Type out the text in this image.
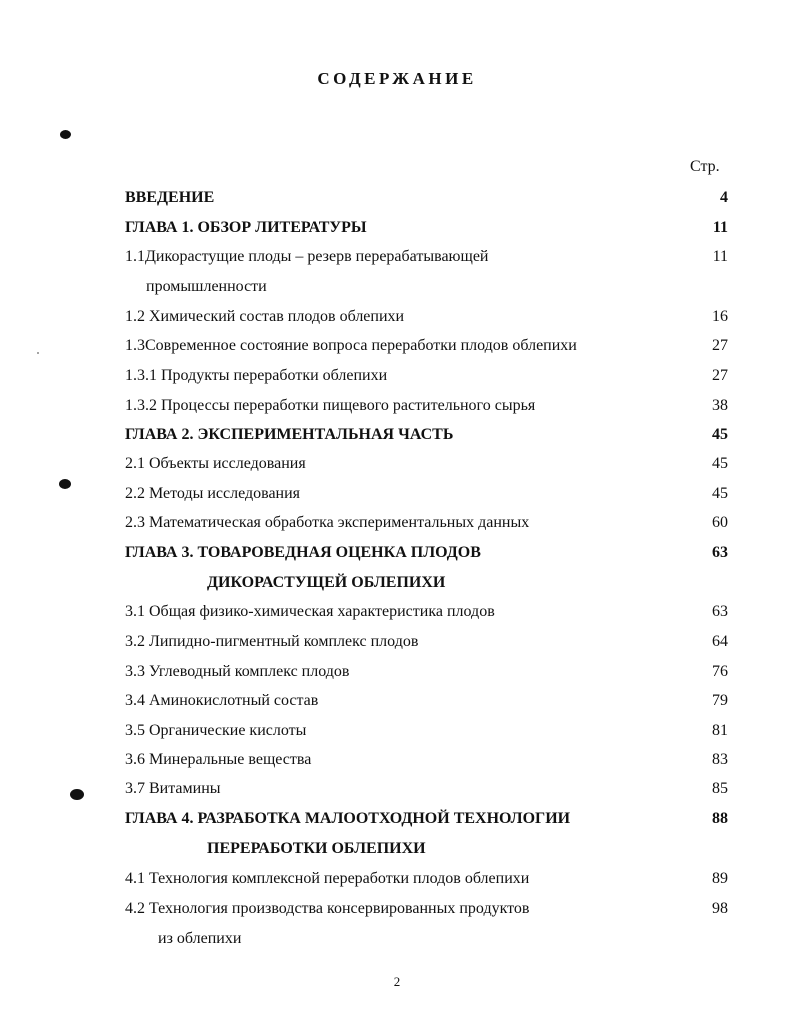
СОДЕРЖАНИЕ
Стр.
ВВЕДЕНИЕ	4
ГЛАВА 1. ОБЗОР ЛИТЕРАТУРЫ	11
1.1Дикорастущие плоды – резерв перерабатывающей	11
промышленности
1.2 Химический состав плодов облепихи	16
1.3Современное состояние вопроса переработки плодов облепихи	27
1.3.1 Продукты переработки облепихи	27
1.3.2 Процессы переработки пищевого растительного сырья	38
ГЛАВА 2. ЭКСПЕРИМЕНТАЛЬНАЯ ЧАСТЬ	45
2.1 Объекты исследования	45
2.2 Методы исследования	45
2.3 Математическая обработка экспериментальных данных	60
ГЛАВА 3. ТОВАРОВЕДНАЯ ОЦЕНКА ПЛОДОВ	63
ДИКОРАСТУЩЕЙ ОБЛЕПИХИ
3.1 Общая физико-химическая характеристика плодов	63
3.2 Липидно-пигментный комплекс плодов	64
3.3 Углеводный комплекс плодов	76
3.4 Аминокислотный состав	79
3.5 Органические кислоты	81
3.6 Минеральные вещества	83
3.7 Витамины	85
ГЛАВА 4. РАЗРАБОТКА МАЛООТХОДНОЙ ТЕХНОЛОГИИ	88
ПЕРЕРАБОТКИ ОБЛЕПИХИ
4.1 Технология комплексной переработки плодов облепихи	89
4.2 Технология производства консервированных продуктов	98
из облепихи
2
